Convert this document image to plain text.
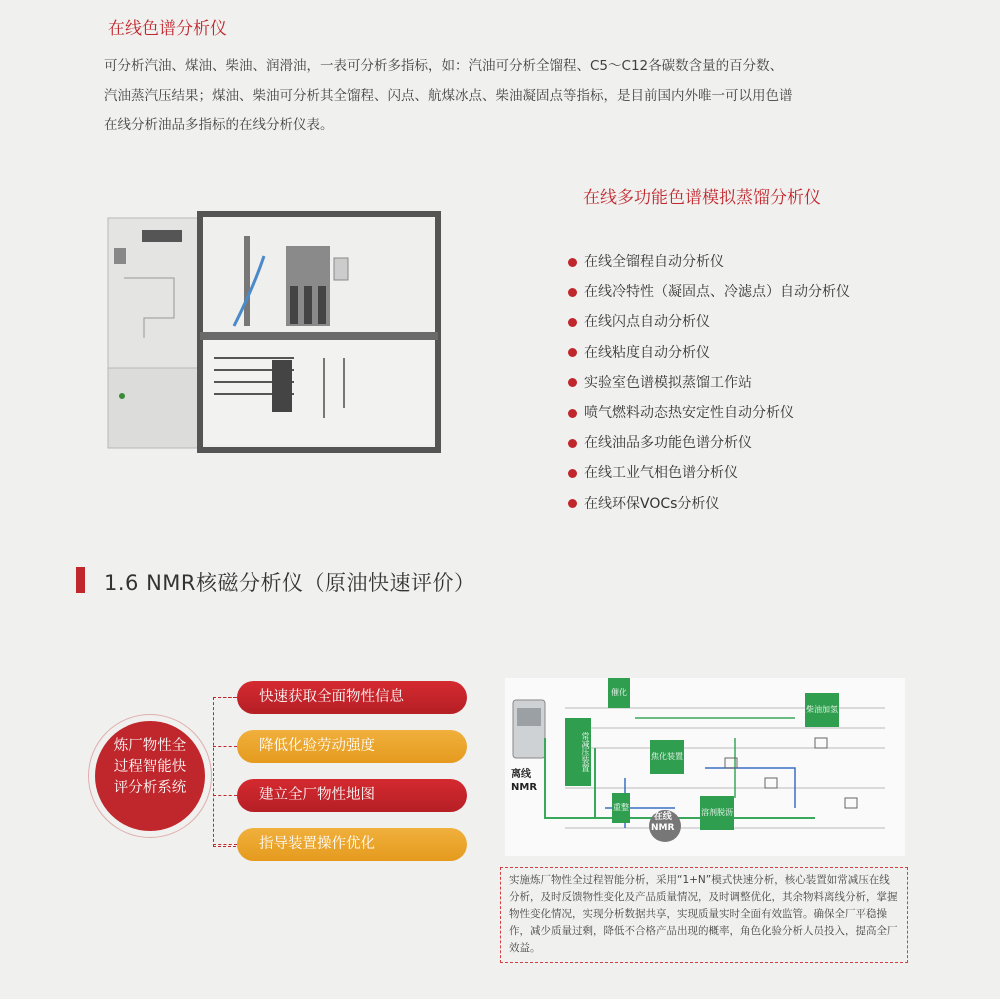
在线色谱分析仪
可分析汽油、煤油、柴油、润滑油，一表可分析多指标，如：汽油可分析全馏程、C5～C12各碳数含量的百分数、
汽油蒸汽压结果；煤油、柴油可分析其全馏程、闪点、航煤冰点、柴油凝固点等指标，是目前国内外唯一可以用色谱
在线分析油品多指标的在线分析仪表。
在线多功能色谱模拟蒸馏分析仪
在线全镏程自动分析仪
在线冷特性（凝固点、冷滤点）自动分析仪
在线闪点自动分析仪
在线粘度自动分析仪
实验室色谱模拟蒸馏工作站
喷气燃料动态热安定性自动分析仪
在线油品多功能色谱分析仪
在线工业气相色谱分析仪
在线环保VOCs分析仪
1.6 NMR核磁分析仪（原油快速评价）
炼厂物性全
过程智能快
评分析系统
快速获取全面物性信息
降低化验劳动强度
建立全厂物性地图
指导装置操作优化
催化
常减压装置	焦化装置
柴油加氢
重整
溶剂脱沥
离线
NMR
在线
NMR
实施炼厂物性全过程智能分析，采用“1+N”模式快速分析，核心装置如常减压在线分析，及时反馈物性变化及产品质量情况，及时调整优化，其余物料离线分析，掌握物性变化情况，实现分析数据共享，实现质量实时全面有效监管。确保全厂平稳操作，减少质量过剩，降低不合格产品出现的概率，角色化验分析人员投入，提高全厂效益。
